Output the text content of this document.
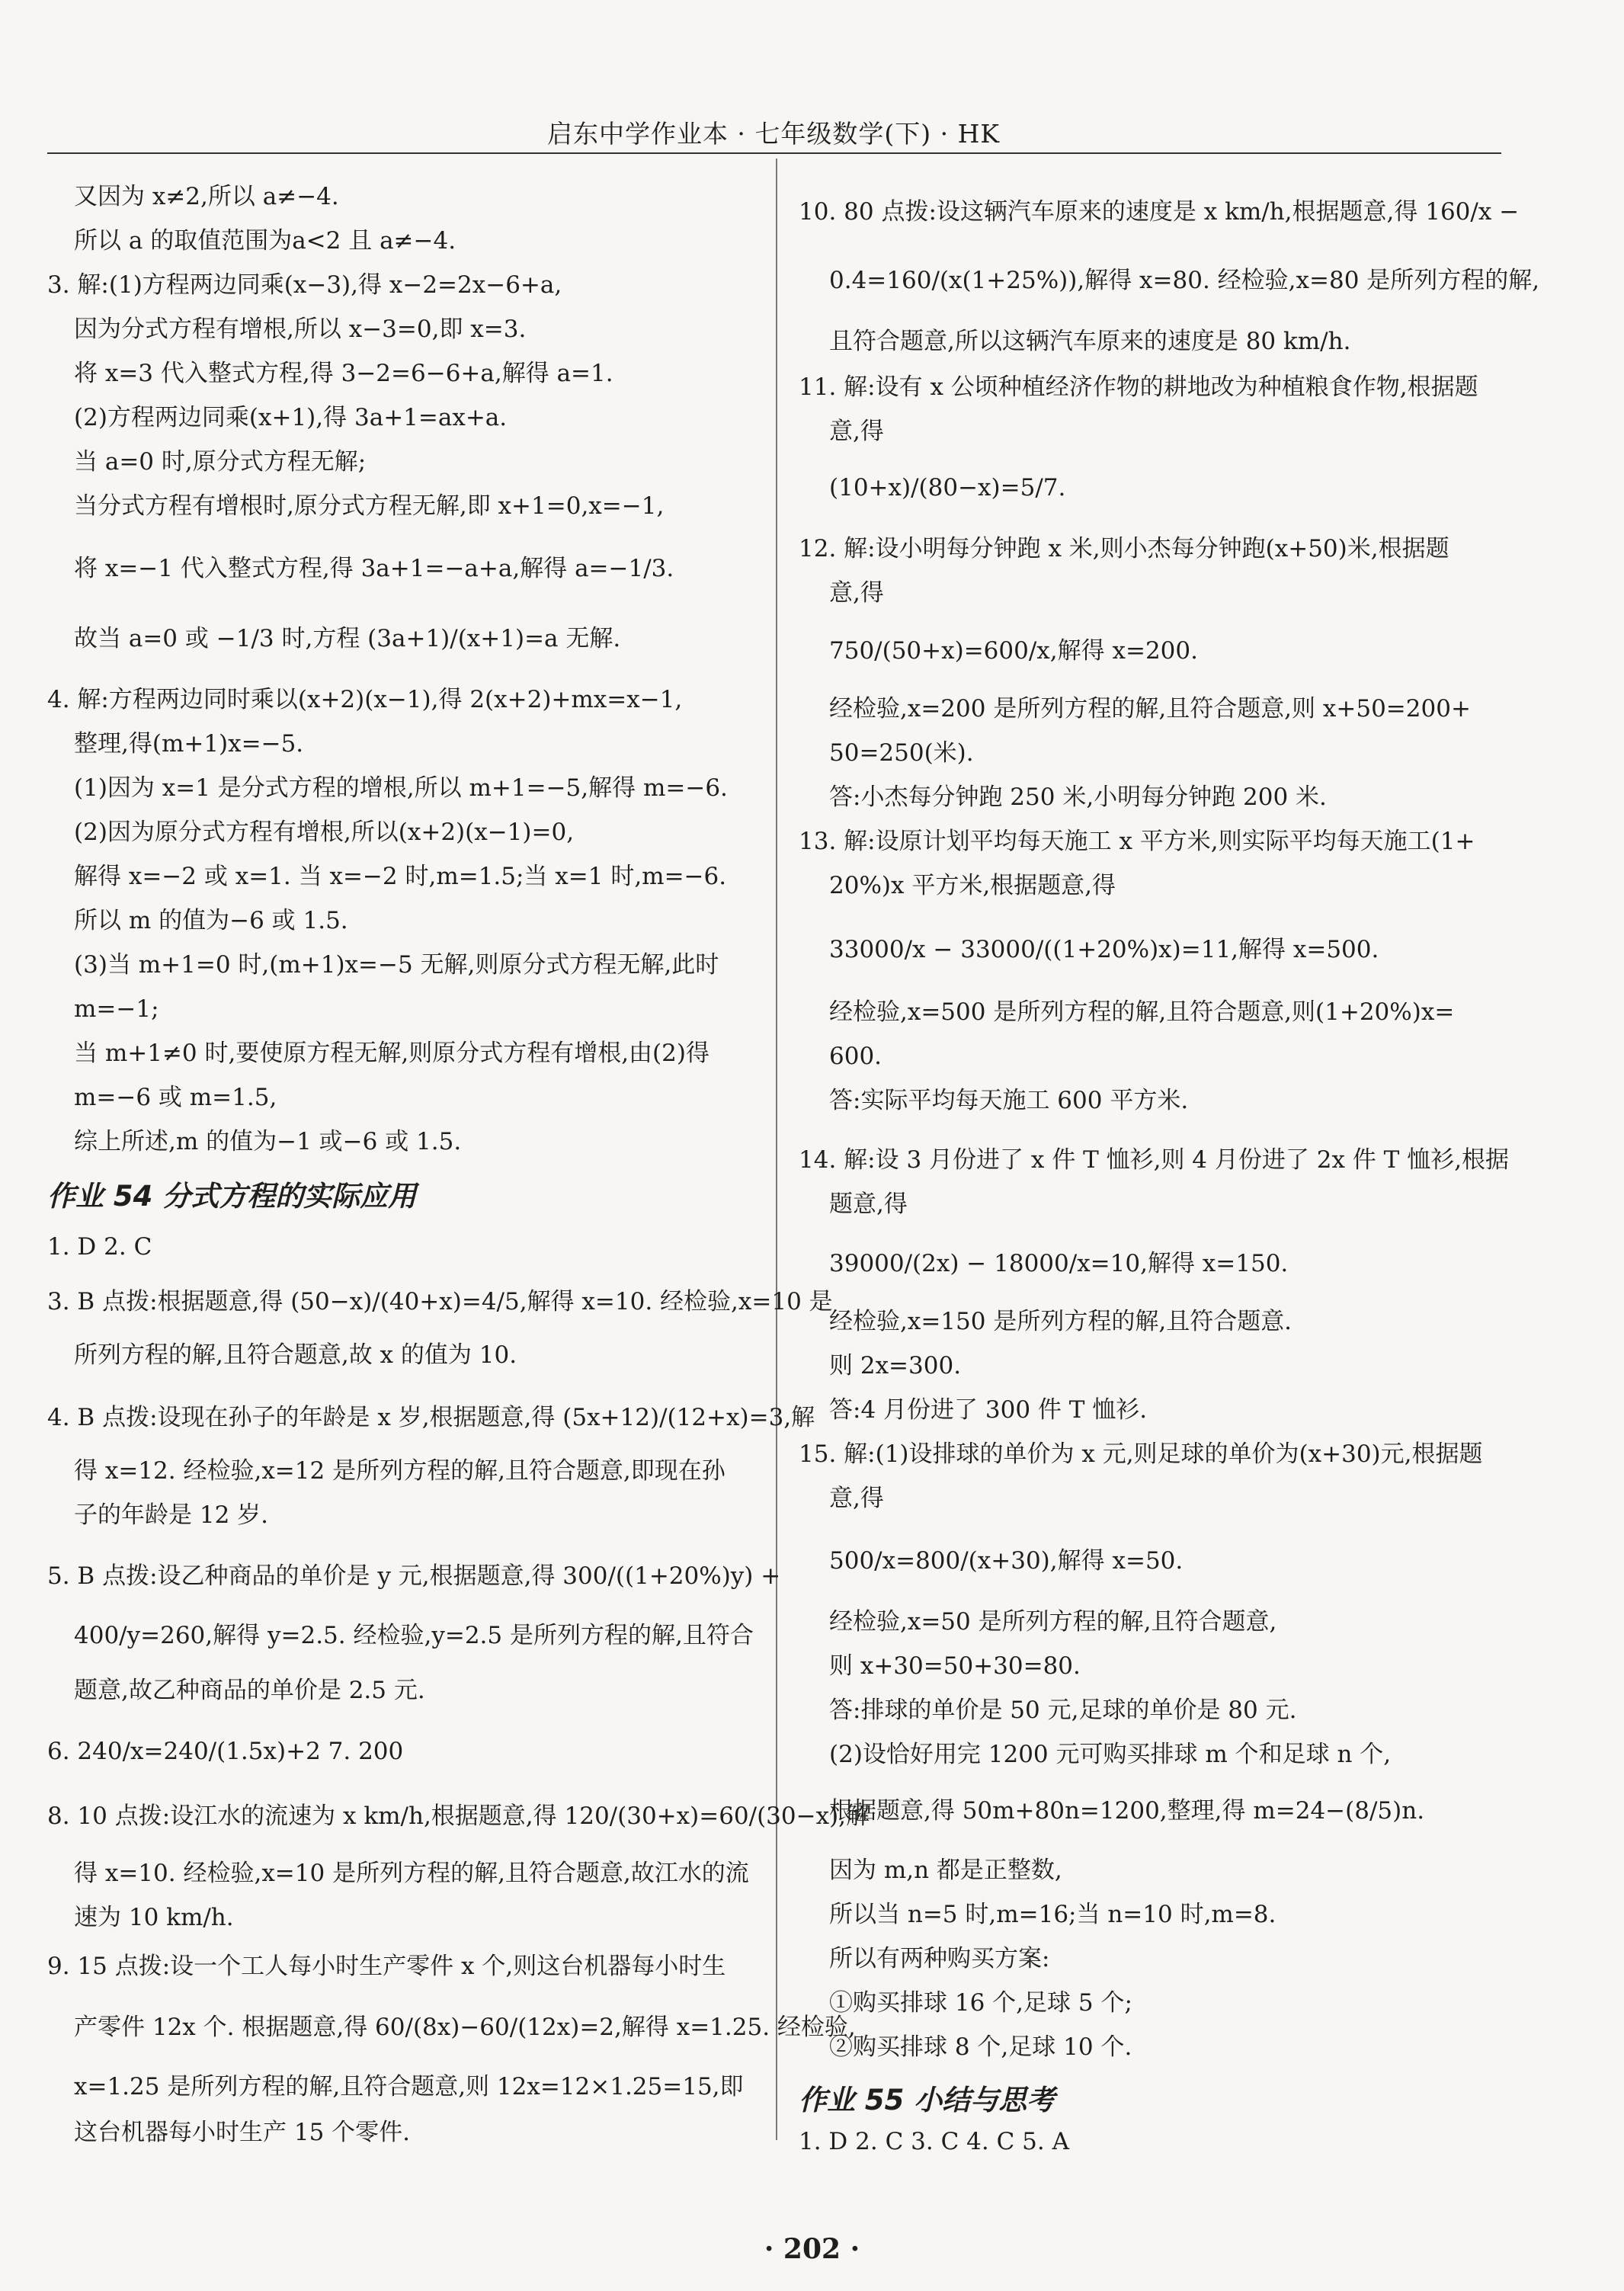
启东中学作业本 · 七年级数学(下) · HK
又因为 x≠2,所以 a≠−4.
所以 a 的取值范围为a<2 且 a≠−4.
3. 解:(1)方程两边同乘(x−3),得 x−2=2x−6+a,
因为分式方程有增根,所以 x−3=0,即 x=3.
将 x=3 代入整式方程,得 3−2=6−6+a,解得 a=1.
(2)方程两边同乘(x+1),得 3a+1=ax+a.
当 a=0 时,原分式方程无解;
当分式方程有增根时,原分式方程无解,即 x+1=0,x=−1,
将 x=−1 代入整式方程,得 3a+1=−a+a,解得 a=−1/3.
故当 a=0 或 −1/3 时,方程 (3a+1)/(x+1)=a 无解.
4. 解:方程两边同时乘以(x+2)(x−1),得 2(x+2)+mx=x−1,
整理,得(m+1)x=−5.
(1)因为 x=1 是分式方程的增根,所以 m+1=−5,解得 m=−6.
(2)因为原分式方程有增根,所以(x+2)(x−1)=0,
解得 x=−2 或 x=1. 当 x=−2 时,m=1.5;当 x=1 时,m=−6.
所以 m 的值为−6 或 1.5.
(3)当 m+1=0 时,(m+1)x=−5 无解,则原分式方程无解,此时
m=−1;
当 m+1≠0 时,要使原方程无解,则原分式方程有增根,由(2)得
m=−6 或 m=1.5,
综上所述,m 的值为−1 或−6 或 1.5.
作业 54 分式方程的实际应用
1. D 2. C
3. B 点拨:根据题意,得 (50−x)/(40+x)=4/5,解得 x=10. 经检验,x=10 是
所列方程的解,且符合题意,故 x 的值为 10.
4. B 点拨:设现在孙子的年龄是 x 岁,根据题意,得 (5x+12)/(12+x)=3,解
得 x=12. 经检验,x=12 是所列方程的解,且符合题意,即现在孙
子的年龄是 12 岁.
5. B 点拨:设乙种商品的单价是 y 元,根据题意,得 300/((1+20%)y) +
400/y=260,解得 y=2.5. 经检验,y=2.5 是所列方程的解,且符合
题意,故乙种商品的单价是 2.5 元.
6. 240/x=240/(1.5x)+2 7. 200
8. 10 点拨:设江水的流速为 x km/h,根据题意,得 120/(30+x)=60/(30−x),解
得 x=10. 经检验,x=10 是所列方程的解,且符合题意,故江水的流
速为 10 km/h.
9. 15 点拨:设一个工人每小时生产零件 x 个,则这台机器每小时生
产零件 12x 个. 根据题意,得 60/(8x)−60/(12x)=2,解得 x=1.25. 经检验,
x=1.25 是所列方程的解,且符合题意,则 12x=12×1.25=15,即
这台机器每小时生产 15 个零件.
10. 80 点拨:设这辆汽车原来的速度是 x km/h,根据题意,得 160/x −
0.4=160/(x(1+25%)),解得 x=80. 经检验,x=80 是所列方程的解,
且符合题意,所以这辆汽车原来的速度是 80 km/h.
11. 解:设有 x 公顷种植经济作物的耕地改为种植粮食作物,根据题
意,得
(10+x)/(80−x)=5/7.
12. 解:设小明每分钟跑 x 米,则小杰每分钟跑(x+50)米,根据题
意,得
750/(50+x)=600/x,解得 x=200.
经检验,x=200 是所列方程的解,且符合题意,则 x+50=200+
50=250(米).
答:小杰每分钟跑 250 米,小明每分钟跑 200 米.
13. 解:设原计划平均每天施工 x 平方米,则实际平均每天施工(1+
20%)x 平方米,根据题意,得
33000/x − 33000/((1+20%)x)=11,解得 x=500.
经检验,x=500 是所列方程的解,且符合题意,则(1+20%)x=
600.
答:实际平均每天施工 600 平方米.
14. 解:设 3 月份进了 x 件 T 恤衫,则 4 月份进了 2x 件 T 恤衫,根据
题意,得
39000/(2x) − 18000/x=10,解得 x=150.
经检验,x=150 是所列方程的解,且符合题意.
则 2x=300.
答:4 月份进了 300 件 T 恤衫.
15. 解:(1)设排球的单价为 x 元,则足球的单价为(x+30)元,根据题
意,得
500/x=800/(x+30),解得 x=50.
经检验,x=50 是所列方程的解,且符合题意,
则 x+30=50+30=80.
答:排球的单价是 50 元,足球的单价是 80 元.
(2)设恰好用完 1200 元可购买排球 m 个和足球 n 个,
根据题意,得 50m+80n=1200,整理,得 m=24−(8/5)n.
因为 m,n 都是正整数,
所以当 n=5 时,m=16;当 n=10 时,m=8.
所以有两种购买方案:
①购买排球 16 个,足球 5 个;
②购买排球 8 个,足球 10 个.
作业 55 小结与思考
1. D 2. C 3. C 4. C 5. A
· 202 ·
